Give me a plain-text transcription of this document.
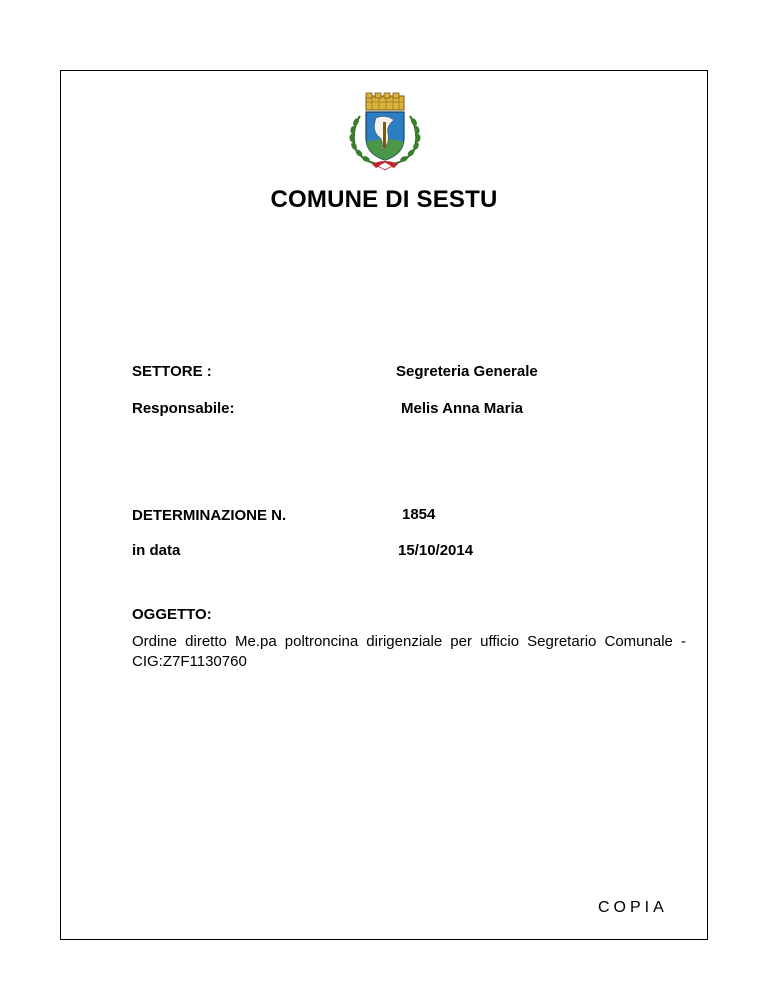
COMUNE DI SESTU
SETTORE :	Segreteria Generale
Responsabile:	Melis Anna Maria
DETERMINAZIONE N.	1854
in data	15/10/2014
OGGETTO:
Ordine diretto Me.pa poltroncina dirigenziale per ufficio Segretario Comunale - CIG:Z7F1130760
COPIA
